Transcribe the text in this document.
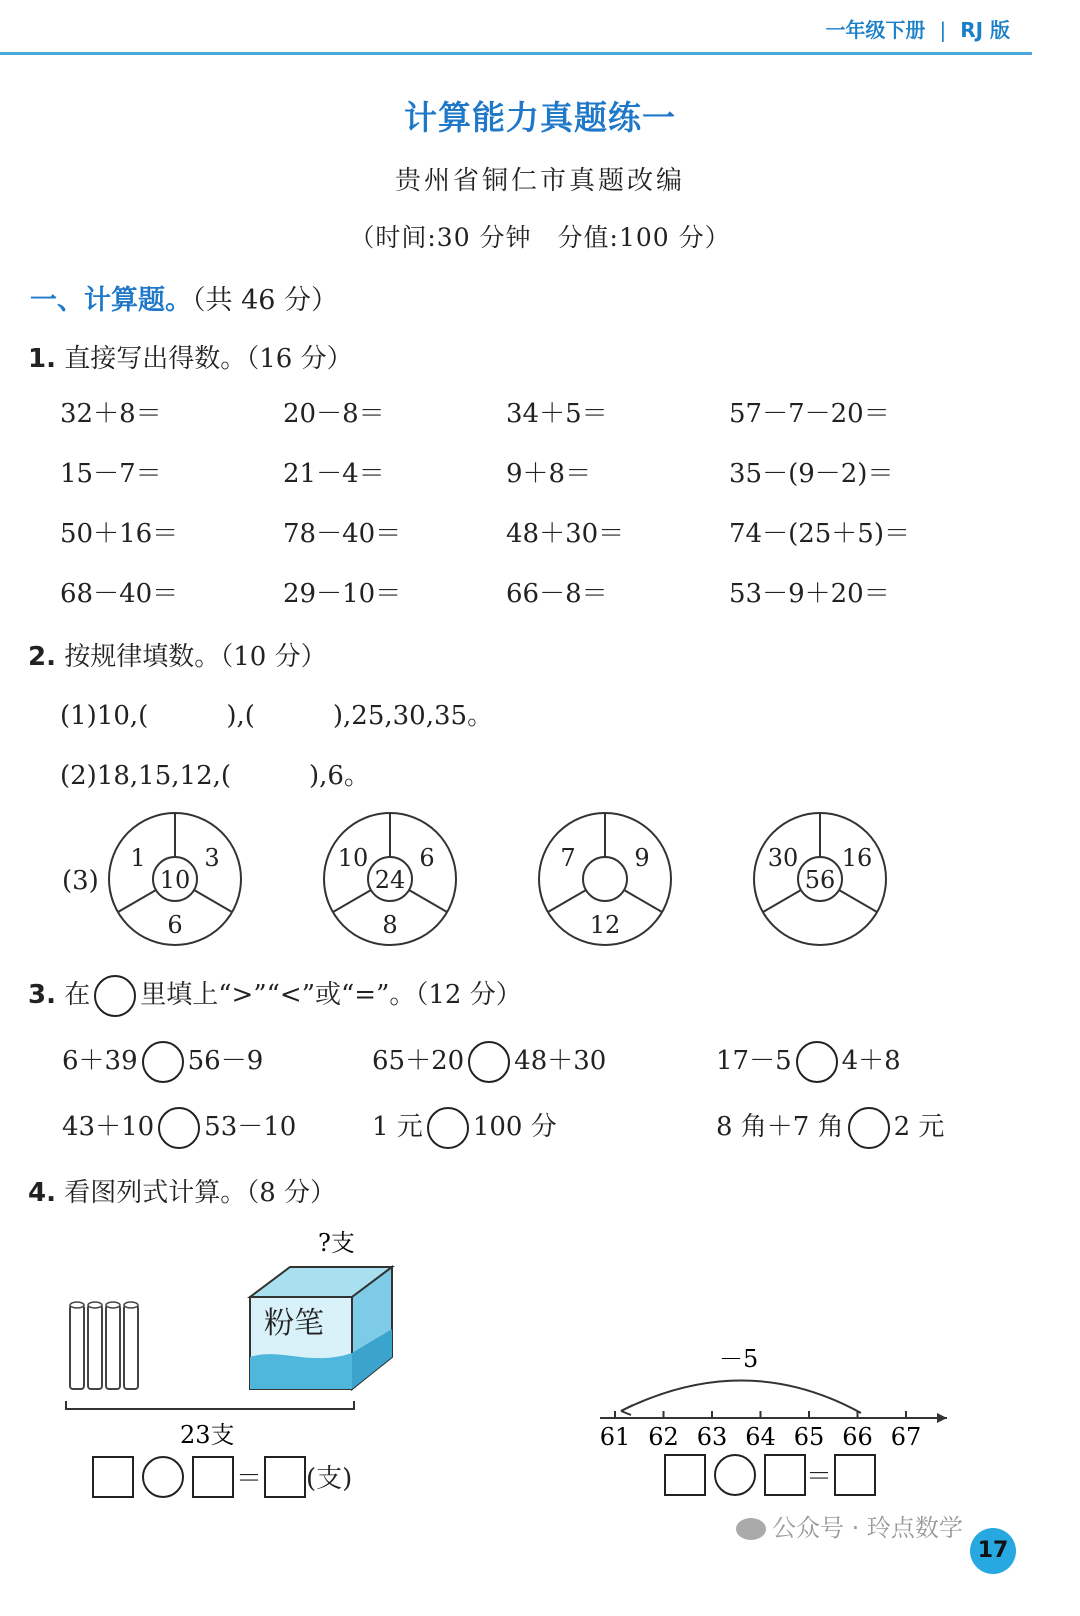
一年级下册 | RJ 版
计算能力真题练一
贵州省铜仁市真题改编
（时间:30 分钟　分值:100 分）
一、计算题。（共 46 分）
1. 直接写出得数。（16 分）
32＋8＝	20－8＝	34＋5＝	57－7－20＝
15－7＝	21－4＝	9＋8＝	35－(9－2)＝
50＋16＝	78－40＝	48＋30＝	74－(25＋5)＝
68－40＝	29－10＝	66－8＝	53－9＋20＝
2. 按规律填数。（10 分）
(1)10,(　　　),(　　　),25,30,35。
(2)18,15,12,(　　　),6。
(3)	10
1 3
6
24
10 6
8
7 9
12
56
30 16
3. 在 里填上“>”“<”或“=”。（12 分）
6＋39 56－9	65＋20 48＋30	17－5 4＋8
43＋10 53－10	1 元 100 分	8 角＋7 角 2 元
4. 看图列式计算。（8 分）
?支
粉笔
23支
＝ (支)
－5
61 62 63 64 65 66 67
＝
公众号 · 玲点数学
17
